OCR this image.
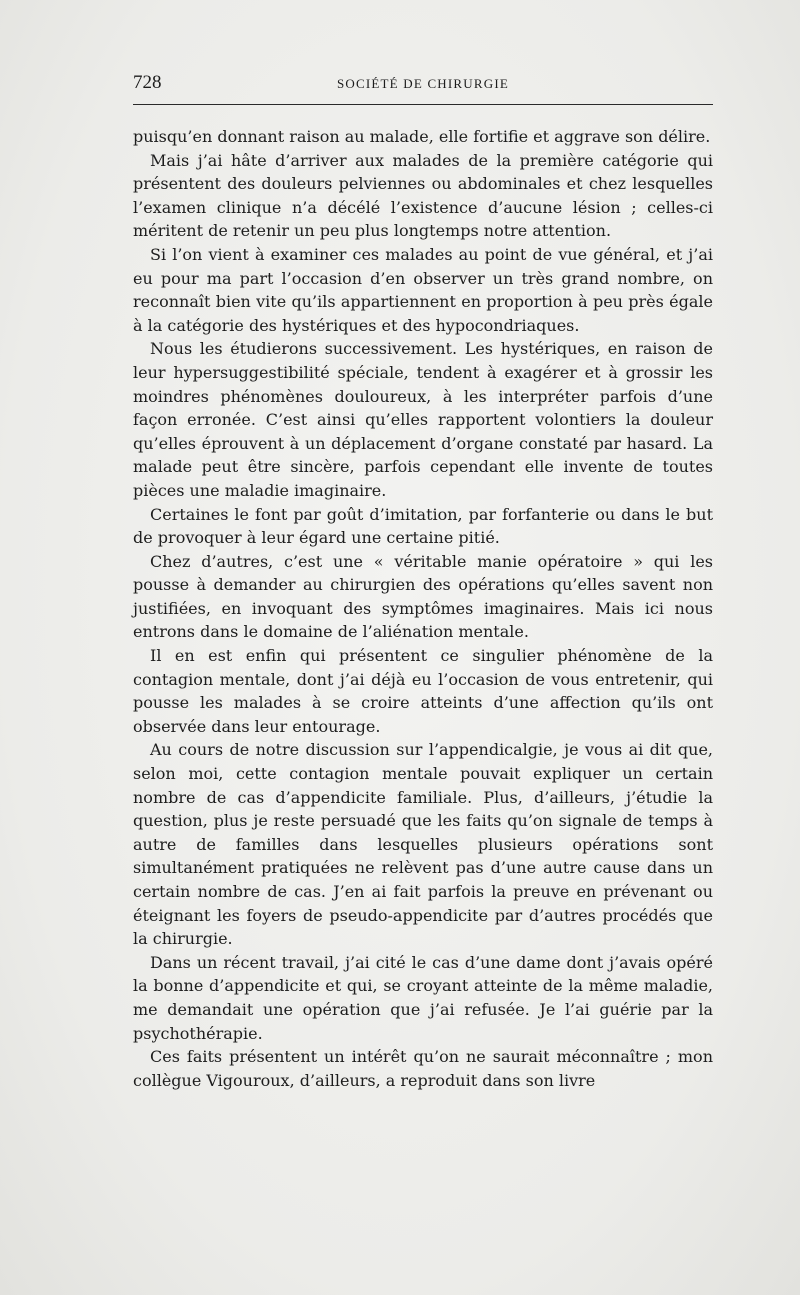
728	SOCIÉTÉ DE CHIRURGIE

puisqu’en donnant raison au malade, elle fortifie et aggrave son délire.

Mais j’ai hâte d’arriver aux malades de la première catégorie qui présentent des douleurs pelviennes ou abdominales et chez lesquelles l’examen clinique n’a décélé l’existence d’aucune lésion ; celles-ci méritent de retenir un peu plus longtemps notre attention.

Si l’on vient à examiner ces malades au point de vue général, et j’ai eu pour ma part l’occasion d’en observer un très grand nombre, on reconnaît bien vite qu’ils appartiennent en proportion à peu près égale à la catégorie des hystériques et des hypocondriaques.

Nous les étudierons successivement. Les hystériques, en raison de leur hypersuggestibilité spéciale, tendent à exagérer et à grossir les moindres phénomènes douloureux, à les interpréter parfois d’une façon erronée. C’est ainsi qu’elles rapportent volontiers la douleur qu’elles éprouvent à un déplacement d’organe constaté par hasard. La malade peut être sincère, parfois cependant elle invente de toutes pièces une maladie imaginaire.

Certaines le font par goût d’imitation, par forfanterie ou dans le but de provoquer à leur égard une certaine pitié.

Chez d’autres, c’est une « véritable manie opératoire » qui les pousse à demander au chirurgien des opérations qu’elles savent non justifiées, en invoquant des symptômes imaginaires. Mais ici nous entrons dans le domaine de l’aliénation mentale.

Il en est enfin qui présentent ce singulier phénomène de la contagion mentale, dont j’ai déjà eu l’occasion de vous entretenir, qui pousse les malades à se croire atteints d’une affection qu’ils ont observée dans leur entourage.

Au cours de notre discussion sur l’appendicalgie, je vous ai dit que, selon moi, cette contagion mentale pouvait expliquer un certain nombre de cas d’appendicite familiale. Plus, d’ailleurs, j’étudie la question, plus je reste persuadé que les faits qu’on signale de temps à autre de familles dans lesquelles plusieurs opérations sont simultanément pratiquées ne relèvent pas d’une autre cause dans un certain nombre de cas. J’en ai fait parfois la preuve en prévenant ou éteignant les foyers de pseudo-appendicite par d’autres procédés que la chirurgie.

Dans un récent travail, j’ai cité le cas d’une dame dont j’avais opéré la bonne d’appendicite et qui, se croyant atteinte de la même maladie, me demandait une opération que j’ai refusée. Je l’ai guérie par la psychothérapie.

Ces faits présentent un intérêt qu’on ne saurait méconnaître ; mon collègue Vigouroux, d’ailleurs, a reproduit dans son livre
